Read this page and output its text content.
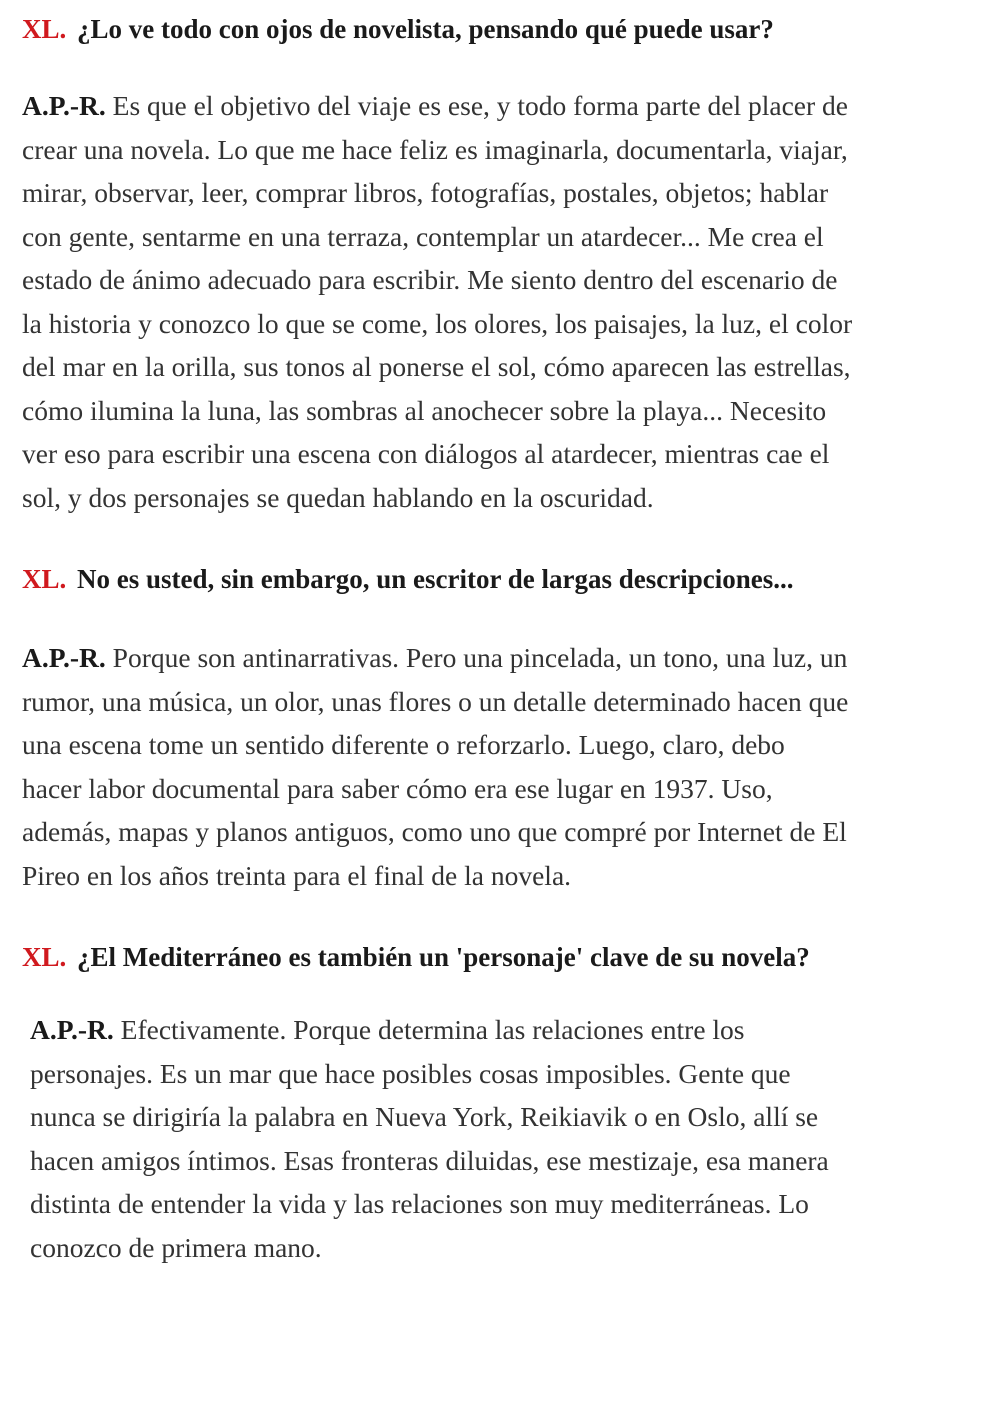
XL. ¿Lo ve todo con ojos de novelista, pensando qué puede usar?
A.P.-R. Es que el objetivo del viaje es ese, y todo forma parte del placer de
crear una novela. Lo que me hace feliz es imaginarla, documentarla, viajar,
mirar, observar, leer, comprar libros, fotografías, postales, objetos; hablar
con gente, sentarme en una terraza, contemplar un atardecer... Me crea el
estado de ánimo adecuado para escribir. Me siento dentro del escenario de
la historia y conozco lo que se come, los olores, los paisajes, la luz, el color
del mar en la orilla, sus tonos al ponerse el sol, cómo aparecen las estrellas,
cómo ilumina la luna, las sombras al anochecer sobre la playa... Necesito
ver eso para escribir una escena con diálogos al atardecer, mientras cae el
sol, y dos personajes se quedan hablando en la oscuridad.
XL. No es usted, sin embargo, un escritor de largas descripciones...
A.P.-R. Porque son antinarrativas. Pero una pincelada, un tono, una luz, un
rumor, una música, un olor, unas flores o un detalle determinado hacen que
una escena tome un sentido diferente o reforzarlo. Luego, claro, debo
hacer labor documental para saber cómo era ese lugar en 1937. Uso,
además, mapas y planos antiguos, como uno que compré por Internet de El
Pireo en los años treinta para el final de la novela.
XL. ¿El Mediterráneo es también un 'personaje' clave de su novela?
A.P.-R. Efectivamente. Porque determina las relaciones entre los
personajes. Es un mar que hace posibles cosas imposibles. Gente que
nunca se dirigiría la palabra en Nueva York, Reikiavik o en Oslo, allí se
hacen amigos íntimos. Esas fronteras diluidas, ese mestizaje, esa manera
distinta de entender la vida y las relaciones son muy mediterráneas. Lo
conozco de primera mano.
